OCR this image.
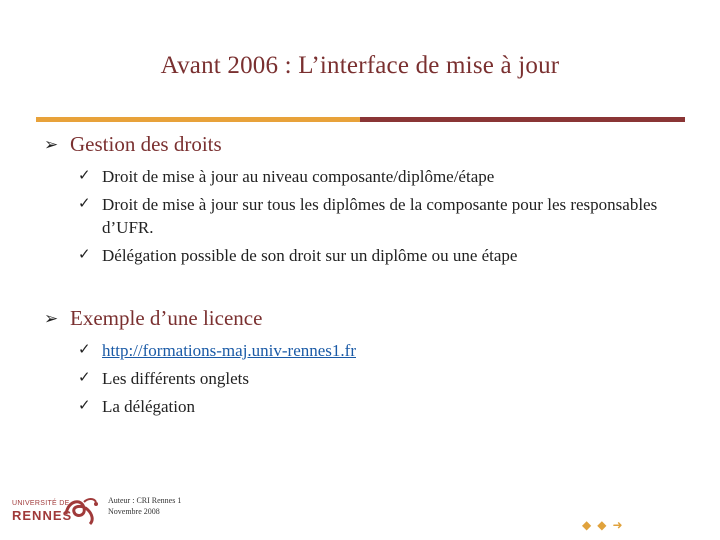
Avant 2006 : L’interface de mise à jour
➢ Gestion des droits
✓ Droit de mise à jour au niveau composante/diplôme/étape
✓ Droit de mise à jour sur tous les diplômes de la composante pour les responsables d’UFR.
✓ Délégation possible de son droit sur un diplôme ou une étape
➢ Exemple d’une licence
✓ http://formations-maj.univ-rennes1.fr
✓ Les différents onglets
✓ La délégation
UNIVERSITÉ DE
RENNES
Auteur : CRI Rennes 1
Novembre 2008
◆ ◆ ➜
